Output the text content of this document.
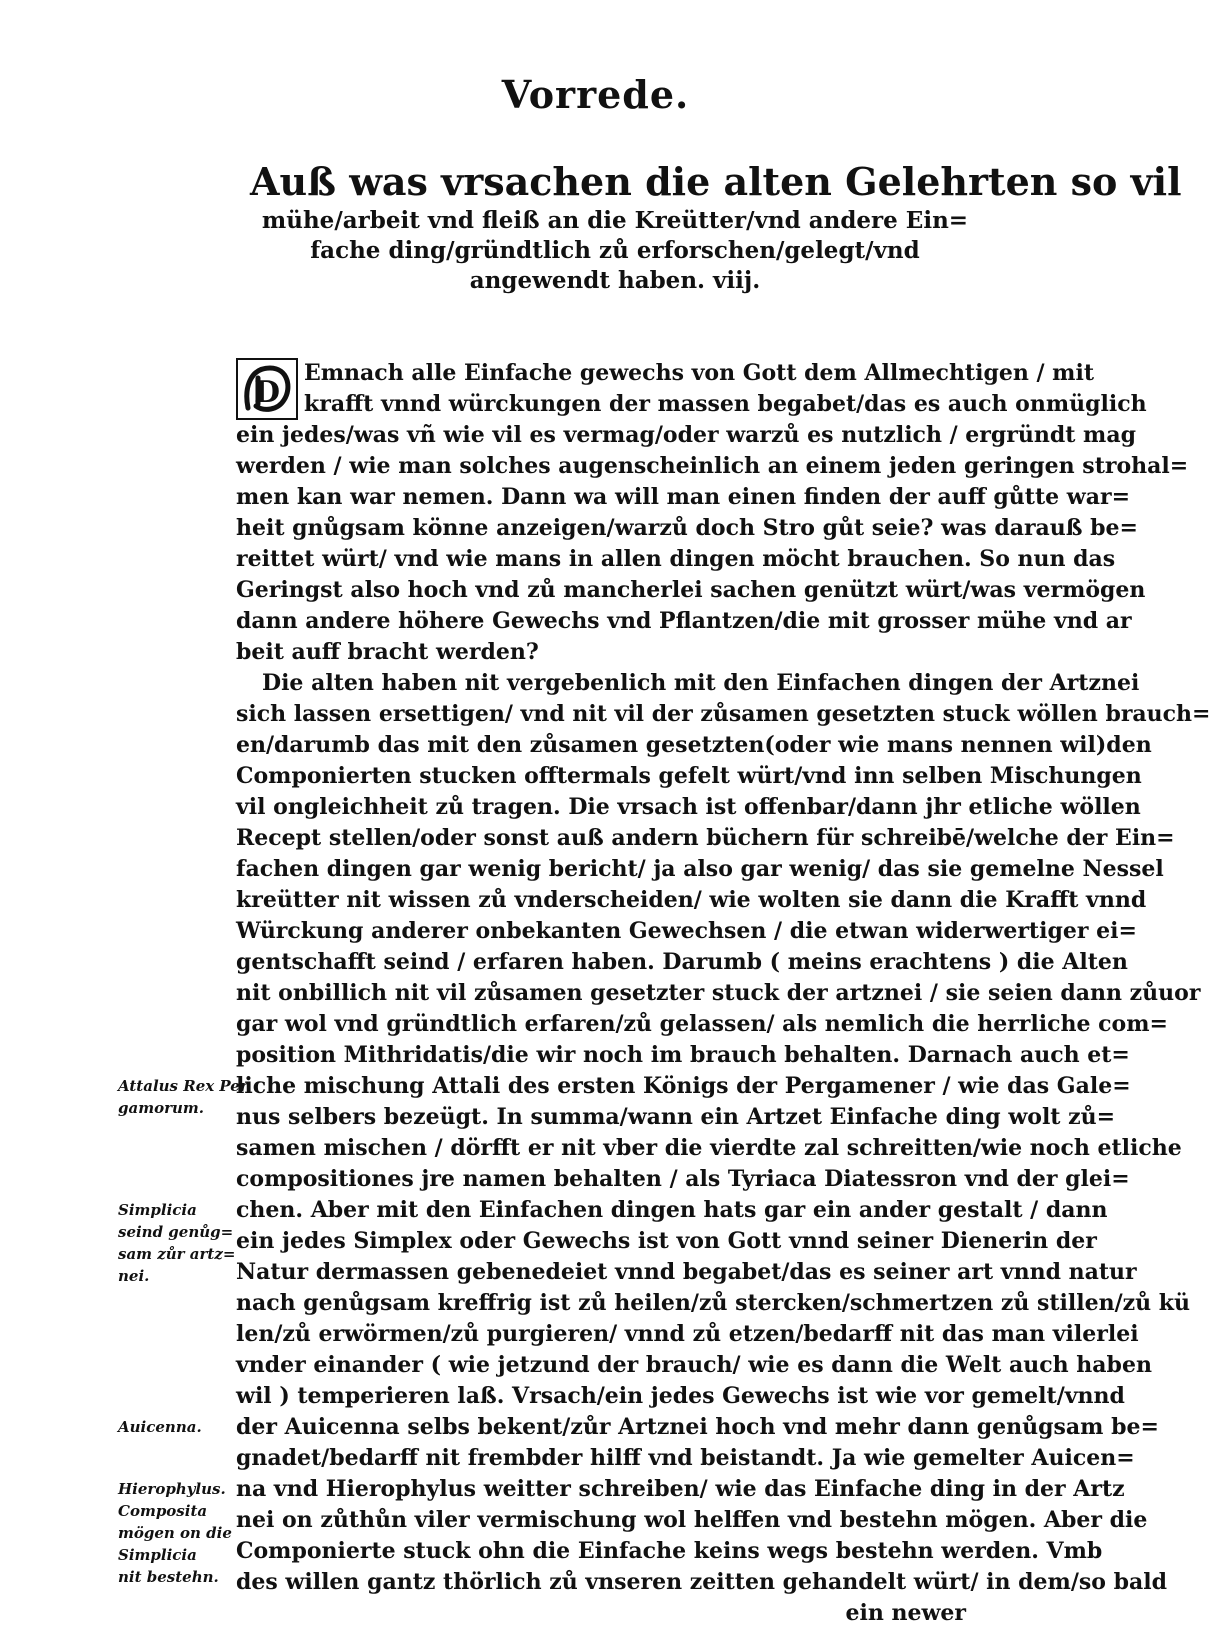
Vorrede.
Auß was vrsachen die alten Gelehrten so vil
mühe/arbeit vnd fleiß an die Kreütter/vnd andere Ein=
fache ding/gründtlich zů erforschen/gelegt/vnd
angewendt haben. viij.
D
Emnach alle Einfache gewechs von Gott dem Allmechtigen / mit
krafft vnnd würckungen der massen begabet/das es auch onmüglich
ein jedes/was vñ wie vil es vermag/oder warzů es nutzlich / ergründt mag
werden / wie man solches augenscheinlich an einem jeden geringen strohal=
men kan war nemen. Dann wa will man einen finden der auff gůtte war=
heit gnůgsam könne anzeigen/warzů doch Stro gůt seie? was darauß be=
reittet würt/ vnd wie mans in allen dingen möcht brauchen. So nun das
Geringst also hoch vnd zů mancherlei sachen genützt würt/was vermögen
dann andere höhere Gewechs vnd Pflantzen/die mit grosser mühe vnd ar
beit auff bracht werden?
Die alten haben nit vergebenlich mit den Einfachen dingen der Artznei
sich lassen ersettigen/ vnd nit vil der zůsamen gesetzten stuck wöllen brauch=
en/darumb das mit den zůsamen gesetzten(oder wie mans nennen wil)den
Componierten stucken offtermals gefelt würt/vnd inn selben Mischungen
vil ongleichheit zů tragen. Die vrsach ist offenbar/dann jhr etliche wöllen
Recept stellen/oder sonst auß andern büchern für schreibē/welche der Ein=
fachen dingen gar wenig bericht/ ja also gar wenig/ das sie gemelne Nessel
kreütter nit wissen zů vnderscheiden/ wie wolten sie dann die Krafft vnnd
Würckung anderer onbekanten Gewechsen / die etwan widerwertiger ei=
gentschafft seind / erfaren haben. Darumb ( meins erachtens ) die Alten
nit onbillich nit vil zůsamen gesetzter stuck der artznei / sie seien dann zůuor
gar wol vnd gründtlich erfaren/zů gelassen/ als nemlich die herrliche com=
position Mithridatis/die wir noch im brauch behalten. Darnach auch et=
liche mischung Attali des ersten Königs der Pergamener / wie das Gale=
nus selbers bezeügt. In summa/wann ein Artzet Einfache ding wolt zů=
samen mischen / dörfft er nit vber die vierdte zal schreitten/wie noch etliche
compositiones jre namen behalten / als Tyriaca Diatessron vnd der glei=
chen. Aber mit den Einfachen dingen hats gar ein ander gestalt / dann
ein jedes Simplex oder Gewechs ist von Gott vnnd seiner Dienerin der
Natur dermassen gebenedeiet vnnd begabet/das es seiner art vnnd natur
nach genůgsam kreffrig ist zů heilen/zů stercken/schmertzen zů stillen/zů kü
len/zů erwörmen/zů purgieren/ vnnd zů etzen/bedarff nit das man vilerlei
vnder einander ( wie jetzund der brauch/ wie es dann die Welt auch haben
wil ) temperieren laß. Vrsach/ein jedes Gewechs ist wie vor gemelt/vnnd
der Auicenna selbs bekent/zůr Artznei hoch vnd mehr dann genůgsam be=
gnadet/bedarff nit frembder hilff vnd beistandt. Ja wie gemelter Auicen=
na vnd Hierophylus weitter schreiben/ wie das Einfache ding in der Artz
nei on zůthůn viler vermischung wol helffen vnd bestehn mögen. Aber die
Componierte stuck ohn die Einfache keins wegs bestehn werden. Vmb
des willen gantz thörlich zů vnseren zeitten gehandelt würt/ in dem/so bald
ein newer
Attalus Rex Per
gamorum.
Simplicia
seind genůg=
sam zůr artz=
nei.
Auicenna.
Hierophylus.
Composita
mögen on die
Simplicia
nit bestehn.
